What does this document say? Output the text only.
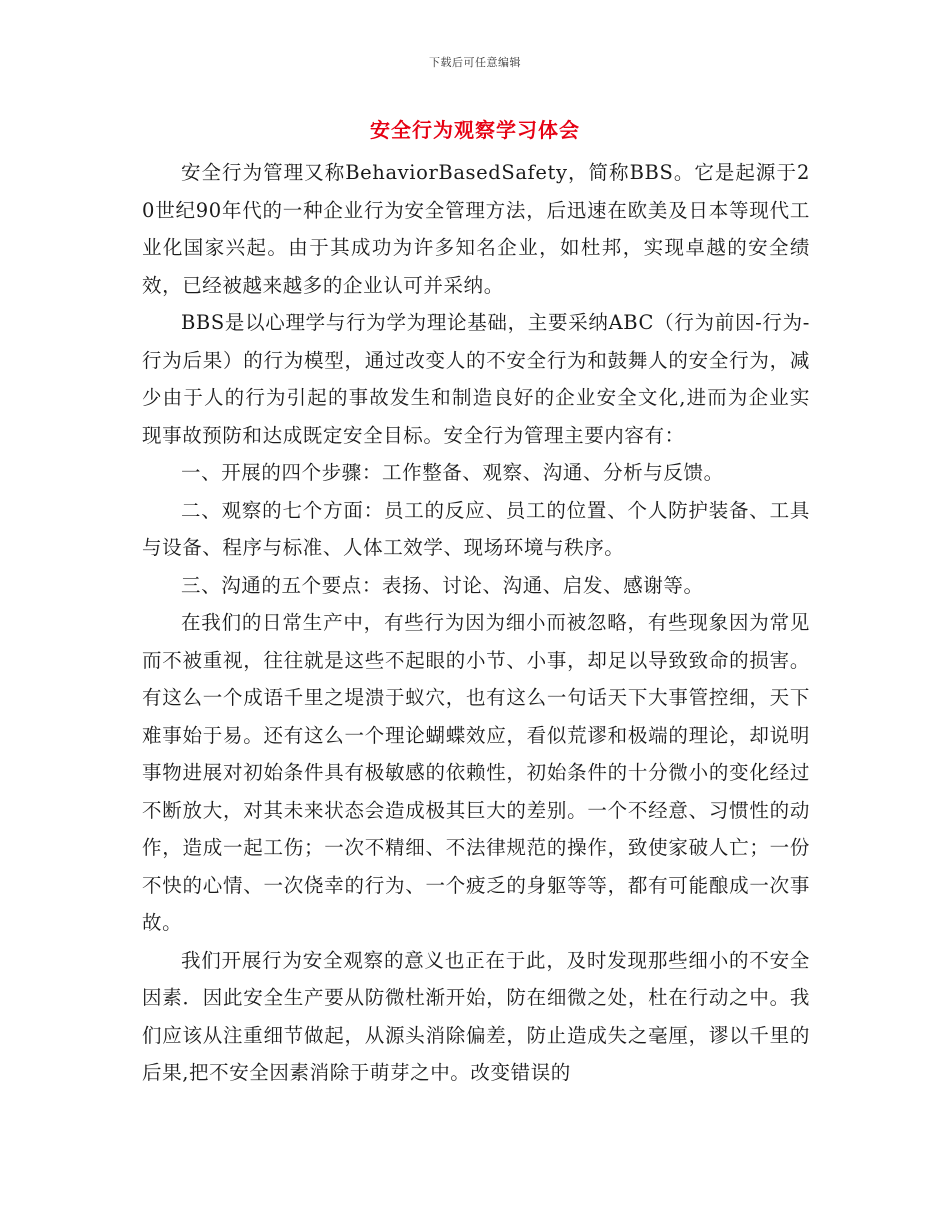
下载后可任意编辑
安全行为观察学习体会

安全行为管理又称BehaviorBasedSafety，简称BBS。它是起源于20世纪90年代的一种企业行为安全管理方法，后迅速在欧美及日本等现代工业化国家兴起。由于其成功为许多知名企业，如杜邦，实现卓越的安全绩效，已经被越来越多的企业认可并采纳。

BBS是以心理学与行为学为理论基础，主要采纳ABC（行为前因-行为-行为后果）的行为模型，通过改变人的不安全行为和鼓舞人的安全行为，减少由于人的行为引起的事故发生和制造良好的企业安全文化,进而为企业实现事故预防和达成既定安全目标。安全行为管理主要内容有：

一、开展的四个步骤：工作整备、观察、沟通、分析与反馈。

二、观察的七个方面：员工的反应、员工的位置、个人防护装备、工具与设备、程序与标准、人体工效学、现场环境与秩序。

三、沟通的五个要点：表扬、讨论、沟通、启发、感谢等。

在我们的日常生产中，有些行为因为细小而被忽略，有些现象因为常见而不被重视，往往就是这些不起眼的小节、小事，却足以导致致命的损害。有这么一个成语千里之堤溃于蚁穴，也有这么一句话天下大事管控细，天下难事始于易。还有这么一个理论蝴蝶效应，看似荒谬和极端的理论，却说明事物进展对初始条件具有极敏感的依赖性，初始条件的十分微小的变化经过不断放大，对其未来状态会造成极其巨大的差别。一个不经意、习惯性的动作，造成一起工伤；一次不精细、不法律规范的操作，致使家破人亡；一份不快的心情、一次侥幸的行为、一个疲乏的身躯等等，都有可能酿成一次事故。

我们开展行为安全观察的意义也正在于此，及时发现那些细小的不安全因素．因此安全生产要从防微杜渐开始，防在细微之处，杜在行动之中。我们应该从注重细节做起，从源头消除偏差，防止造成失之毫厘，谬以千里的后果,把不安全因素消除于萌芽之中。改变错误的
